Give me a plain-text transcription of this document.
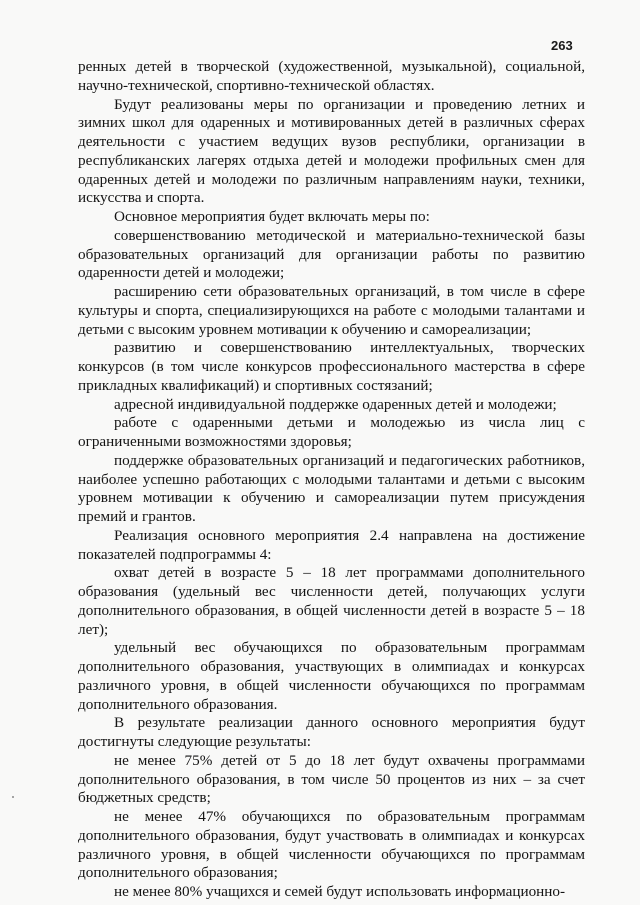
263

ренных детей в творческой (художественной, музыкальной), социальной, научно-технической, спортивно-технической областях.

Будут реализованы меры по организации и проведению летних и зимних школ для одаренных и мотивированных детей в различных сферах деятельности с участием ведущих вузов республики, организации в республиканских лагерях отдыха детей и молодежи профильных смен для одаренных детей и молодежи по различным направлениям науки, техники, искусства и спорта.

Основное мероприятия будет включать меры по:

совершенствованию методической и материально-технической базы образовательных организаций для организации работы по развитию одаренности детей и молодежи;

расширению сети образовательных организаций, в том числе в сфере культуры и спорта, специализирующихся на работе с молодыми талантами и детьми с высоким уровнем мотивации к обучению и самореализации;

развитию и совершенствованию интеллектуальных, творческих конкурсов (в том числе конкурсов профессионального мастерства в сфере прикладных квалификаций) и спортивных состязаний;

адресной индивидуальной поддержке одаренных детей и молодежи;

работе с одаренными детьми и молодежью из числа лиц с ограниченными возможностями здоровья;

поддержке образовательных организаций и педагогических работников, наиболее успешно работающих с молодыми талантами и детьми с высоким уровнем мотивации к обучению и самореализации путем присуждения премий и грантов.

Реализация основного мероприятия 2.4 направлена на достижение показателей подпрограммы 4:

охват детей в возрасте 5 – 18 лет программами дополнительного образования (удельный вес численности детей, получающих услуги дополнительного образования, в общей численности детей в возрасте 5 – 18 лет);

удельный вес обучающихся по образовательным программам дополнительного образования, участвующих в олимпиадах и конкурсах различного уровня, в общей численности обучающихся по программам дополнительного образования.

В результате реализации данного основного мероприятия будут достигнуты следующие результаты:

не менее 75% детей от 5 до 18 лет будут охвачены программами дополнительного образования, в том числе 50 процентов из них – за счет бюджетных средств;

не менее 47% обучающихся по образовательным программам дополнительного образования, будут участвовать в олимпиадах и конкурсах различного уровня, в общей численности обучающихся по программам дополнительного образования;

не менее 80% учащихся и семей будут использовать информационно-
